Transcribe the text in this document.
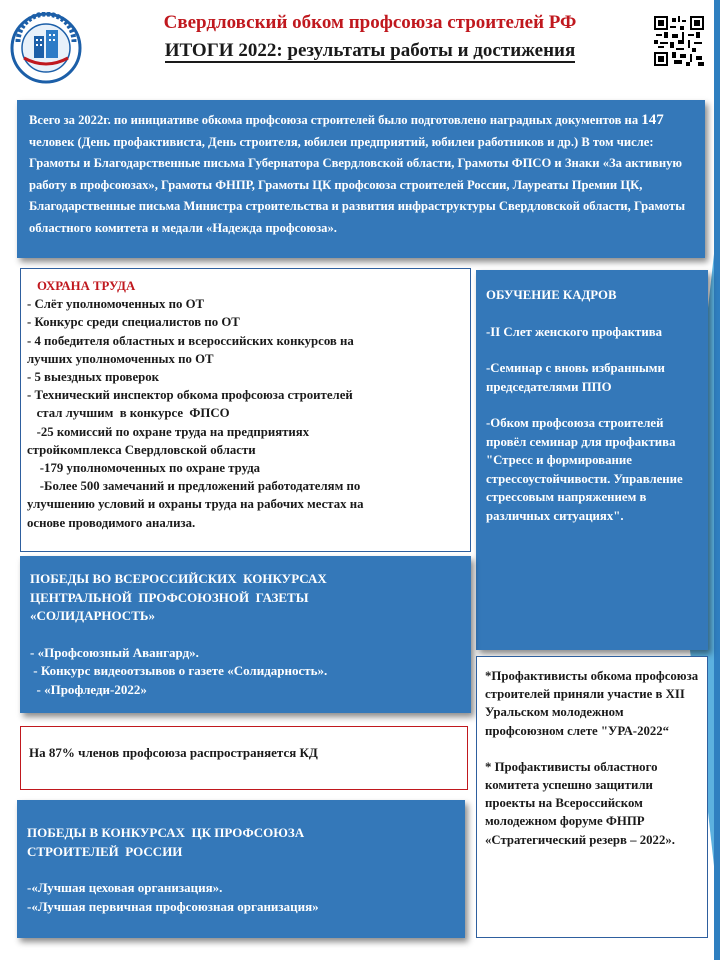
Свердловский обком профсоюза строителей РФ
ИТОГИ 2022: результаты работы и достижения
Всего за 2022г. по инициативе обкома профсоюза строителей было подготовлено наградных документов на 147 человек (День профактивиста, День строителя, юбилеи предприятий, юбилеи работников и др.) В том числе: Грамоты и Благодарственные письма Губернатора Свердловской области, Грамоты ФПСО и Знаки «За активную работу в профсоюзах», Грамоты ФНПР, Грамоты ЦК профсоюза строителей России, Лауреаты Премии ЦК, Благодарственные письма Министра строительства и развития инфраструктуры Свердловской области, Грамоты областного комитета и медали «Надежда профсоюза».
ОХРАНА ТРУДА
- Слёт уполномоченных по ОТ
- Конкурс среди специалистов по ОТ
- 4 победителя областных и всероссийских конкурсов на
лучших уполномоченных по ОТ
- 5 выездных проверок
- Технический инспектор обкома профсоюза строителей
стал лучшим  в конкурсе  ФПСО
-25 комиссий по охране труда на предприятиях
стройкомплекса Свердловской области
-179 уполномоченных по охране труда
-Более 500 замечаний и предложений работодателям по
улучшению условий и охраны труда на рабочих местах на
основе проводимого анализа.
ОБУЧЕНИЕ КАДРОВ
-II Слет женского профактива
-Семинар с вновь избранными председателями ППО
-Обком профсоюза строителей провёл семинар для профактива "Стресс и формирование стрессоустойчивости. Управление стрессовым напряжением в различных ситуациях".
ПОБЕДЫ ВО ВСЕРОССИЙСКИХ  КОНКУРСАХ
ЦЕНТРАЛЬНОЙ  ПРОФСОЮЗНОЙ  ГАЗЕТЫ
«СОЛИДАРНОСТЬ»
- «Профсоюзный Авангард».
- Конкурс видеоотзывов о газете «Солидарность».
- «Профледи-2022»
На 87% членов профсоюза распространяется КД
*Профактивисты обкома профсоюза строителей приняли участие в XII Уральском молодежном профсоюзном слете "УРА-2022“
* Профактивисты областного комитета успешно защитили проекты на Всероссийском молодежном форуме ФНПР «Стратегический резерв – 2022».
ПОБЕДЫ В КОНКУРСАХ  ЦК ПРОФСОЮЗА
СТРОИТЕЛЕЙ  РОССИИ
-«Лучшая цеховая организация».
-«Лучшая первичная профсоюзная организация»
